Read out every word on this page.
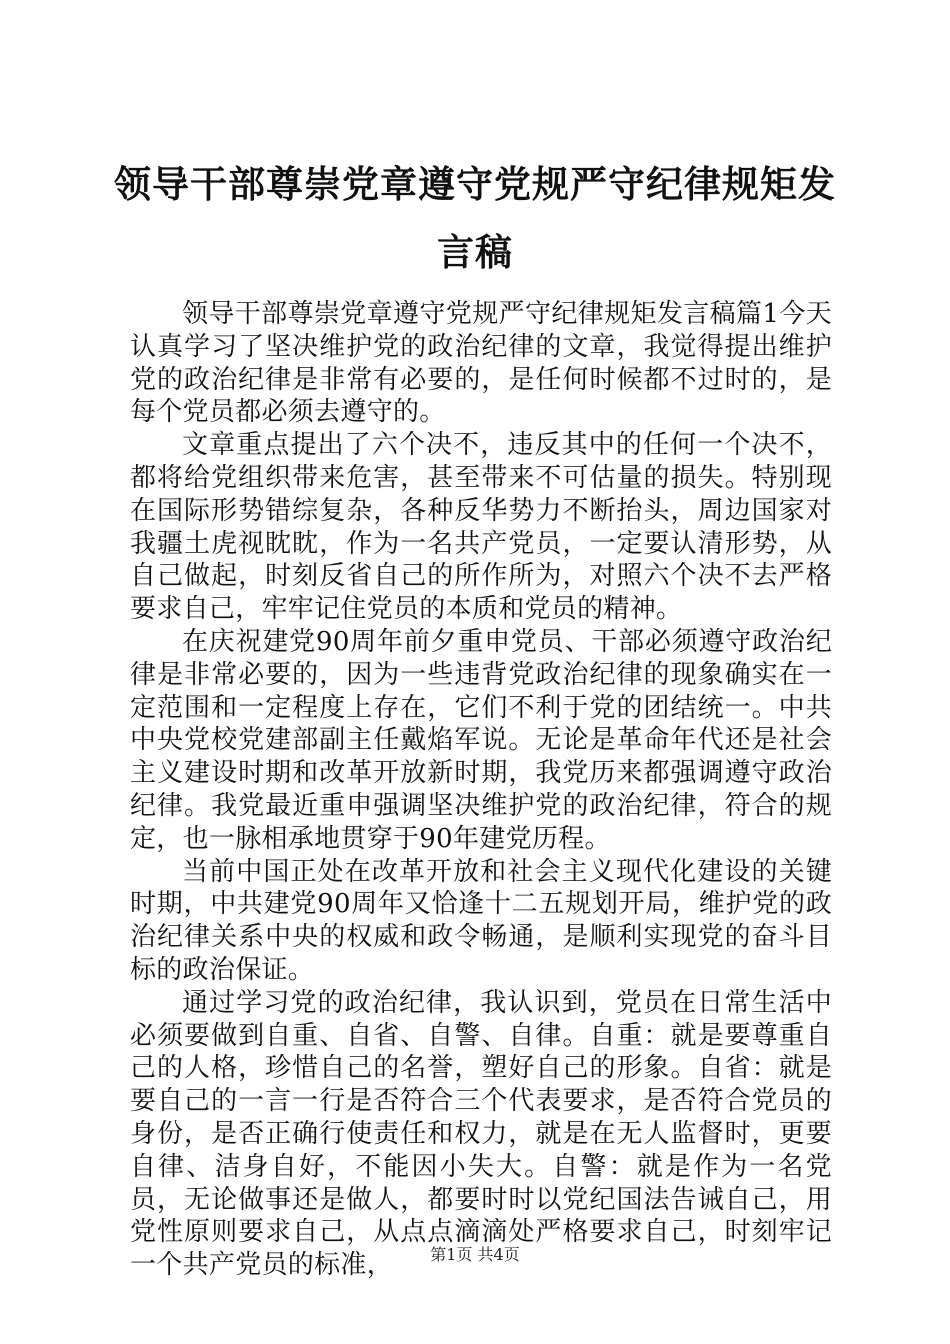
领导干部尊崇党章遵守党规严守纪律规矩发言稿

领导干部尊崇党章遵守党规严守纪律规矩发言稿篇1今天认真学习了坚决维护党的政治纪律的文章，我觉得提出维护党的政治纪律是非常有必要的，是任何时候都不过时的，是每个党员都必须去遵守的。

文章重点提出了六个决不，违反其中的任何一个决不，都将给党组织带来危害，甚至带来不可估量的损失。特别现在国际形势错综复杂，各种反华势力不断抬头，周边国家对我疆土虎视眈眈，作为一名共产党员，一定要认清形势，从自己做起，时刻反省自己的所作所为，对照六个决不去严格要求自己，牢牢记住党员的本质和党员的精神。

在庆祝建党90周年前夕重申党员、干部必须遵守政治纪律是非常必要的，因为一些违背党政治纪律的现象确实在一定范围和一定程度上存在，它们不利于党的团结统一。中共中央党校党建部副主任戴焰军说。无论是革命年代还是社会主义建设时期和改革开放新时期，我党历来都强调遵守政治纪律。我党最近重申强调坚决维护党的政治纪律，符合的规定，也一脉相承地贯穿于90年建党历程。

当前中国正处在改革开放和社会主义现代化建设的关键时期，中共建党90周年又恰逢十二五规划开局，维护党的政治纪律关系中央的权威和政令畅通，是顺利实现党的奋斗目标的政治保证。

通过学习党的政治纪律，我认识到，党员在日常生活中必须要做到自重、自省、自警、自律。自重：就是要尊重自己的人格，珍惜自己的名誉，塑好自己的形象。自省：就是要自己的一言一行是否符合三个代表要求，是否符合党员的身份，是否正确行使责任和权力，就是在无人监督时，更要自律、洁身自好，不能因小失大。自警：就是作为一名党员，无论做事还是做人，都要时时以党纪国法告诫自己，用党性原则要求自己，从点点滴滴处严格要求自己，时刻牢记一个共产党员的标准，	第1页 共4页
